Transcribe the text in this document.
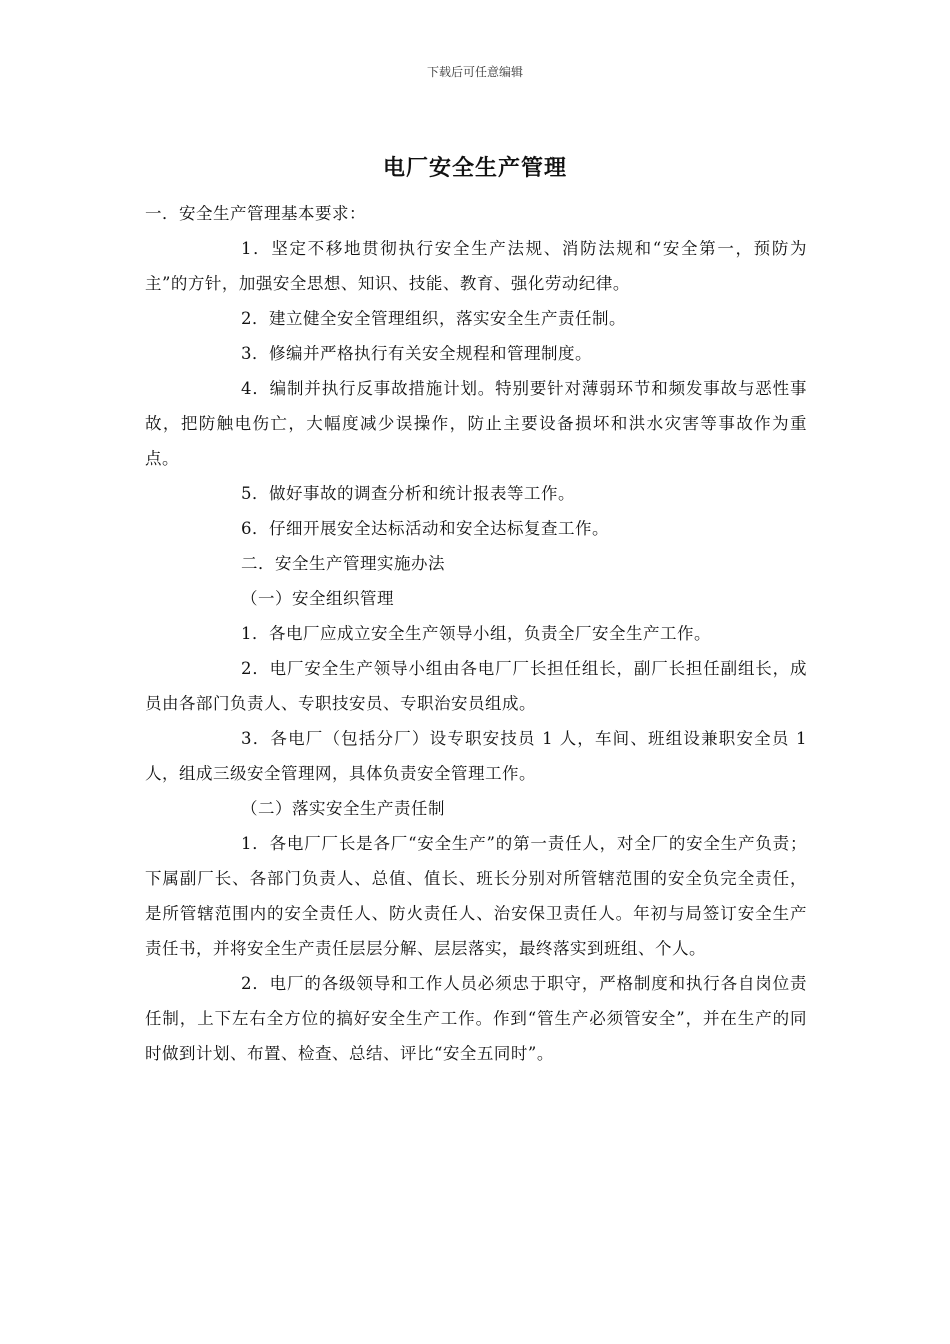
下载后可任意编辑
电厂安全生产管理

一．安全生产管理基本要求：

1．坚定不移地贯彻执行安全生产法规、消防法规和“安全第一，预防为主”的方针，加强安全思想、知识、技能、教育、强化劳动纪律。

2．建立健全安全管理组织，落实安全生产责任制。

3．修编并严格执行有关安全规程和管理制度。

4．编制并执行反事故措施计划。特别要针对薄弱环节和频发事故与恶性事故，把防触电伤亡，大幅度减少误操作，防止主要设备损坏和洪水灾害等事故作为重点。

5．做好事故的调查分析和统计报表等工作。

6．仔细开展安全达标活动和安全达标复查工作。

二．安全生产管理实施办法

（一）安全组织管理

1．各电厂应成立安全生产领导小组，负责全厂安全生产工作。

2．电厂安全生产领导小组由各电厂厂长担任组长，副厂长担任副组长，成员由各部门负责人、专职技安员、专职治安员组成。

3．各电厂（包括分厂）设专职安技员 1 人，车间、班组设兼职安全员 1 人，组成三级安全管理网，具体负责安全管理工作。

（二）落实安全生产责任制

1．各电厂厂长是各厂“安全生产”的第一责任人，对全厂的安全生产负责；下属副厂长、各部门负责人、总值、值长、班长分别对所管辖范围的安全负完全责任，是所管辖范围内的安全责任人、防火责任人、治安保卫责任人。年初与局签订安全生产责任书，并将安全生产责任层层分解、层层落实，最终落实到班组、个人。

2．电厂的各级领导和工作人员必须忠于职守，严格制度和执行各自岗位责任制，上下左右全方位的搞好安全生产工作。作到“管生产必须管安全”，并在生产的同时做到计划、布置、检查、总结、评比“安全五同时”。
